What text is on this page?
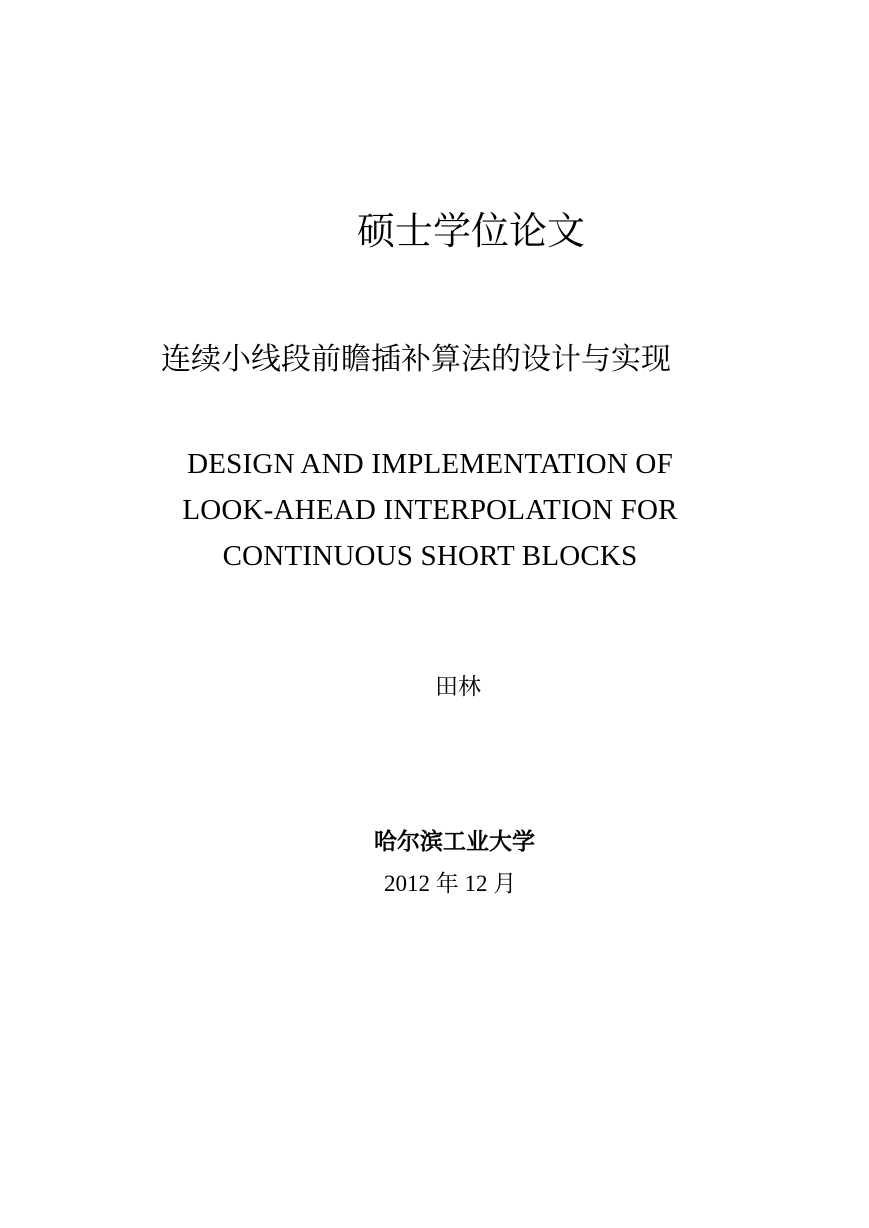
硕士学位论文
连续小线段前瞻插补算法的设计与实现
DESIGN AND IMPLEMENTATION OF
LOOK-AHEAD INTERPOLATION FOR
CONTINUOUS SHORT BLOCKS
田林
哈尔滨工业大学
2012 年 12 月
